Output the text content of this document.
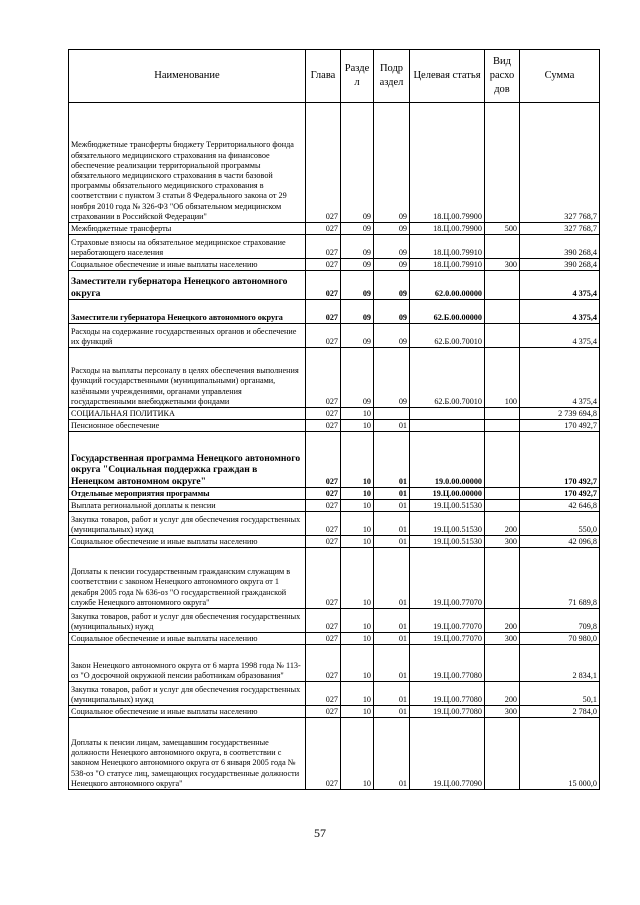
Наименование	Глава	Разде л	Подр аздел	Целевая статья	Вид расхо дов	Сумма
Межбюджетные трансферты бюджету Территориального фонда обязательного медицинского страхования на финансовое обеспечение реализации территориальной программы обязательного медицинского страхования в части базовой программы обязательного медицинского страхования в соответствии с пунктом 3 статьи 8 Федерального закона от 29 ноября 2010 года № 326-ФЗ "Об обязательном медицинском страховании в Российской Федерации"	027	09	09	18.Ц.00.79900		327 768,7
Межбюджетные трансферты	027	09	09	18.Ц.00.79900	500	327 768,7
Страховые взносы на обязательное медицинское страхование неработающего населения	027	09	09	18.Ц.00.79910		390 268,4
Социальное обеспечение и иные выплаты населению	027	09	09	18.Ц.00.79910	300	390 268,4
Заместители губернатора Ненецкого автономного округа	027	09	09	62.0.00.00000		4 375,4
Заместители губернатора Ненецкого автономного округа	027	09	09	62.Б.00.00000		4 375,4
Расходы на содержание государственных органов и обеспечение их функций	027	09	09	62.Б.00.70010		4 375,4
Расходы на выплаты персоналу в целях обеспечения выполнения функций государственными (муниципальными) органами, казёнными учреждениями, органами управления государственными внебюджетными фондами	027	09	09	62.Б.00.70010	100	4 375,4
СОЦИАЛЬНАЯ ПОЛИТИКА	027	10				2 739 694,8
Пенсионное обеспечение	027	10	01			170 492,7
Государственная программа Ненецкого автономного округа "Социальная поддержка граждан в Ненецком автономном округе"	027	10	01	19.0.00.00000		170 492,7
Отдельные мероприятия программы	027	10	01	19.Ц.00.00000		170 492,7
Выплата региональной доплаты к пенсии	027	10	01	19.Ц.00.51530		42 646,8
Закупка товаров, работ и услуг для обеспечения государственных (муниципальных) нужд	027	10	01	19.Ц.00.51530	200	550,0
Социальное обеспечение и иные выплаты населению	027	10	01	19.Ц.00.51530	300	42 096,8
Доплаты к пенсии государственным гражданским служащим в соответствии с законом Ненецкого автономного округа от 1 декабря 2005 года № 636-оз "О государственной гражданской службе Ненецкого автономного округа"	027	10	01	19.Ц.00.77070		71 689,8
Закупка товаров, работ и услуг для обеспечения государственных (муниципальных) нужд	027	10	01	19.Ц.00.77070	200	709,8
Социальное обеспечение и иные выплаты населению	027	10	01	19.Ц.00.77070	300	70 980,0
Закон Ненецкого автономного округа от 6 марта 1998 года № 113-оз "О досрочной окружной пенсии работникам образования"	027	10	01	19.Ц.00.77080		2 834,1
Закупка товаров, работ и услуг для обеспечения государственных (муниципальных) нужд	027	10	01	19.Ц.00.77080	200	50,1
Социальное обеспечение и иные выплаты населению	027	10	01	19.Ц.00.77080	300	2 784,0
Доплаты к пенсии лицам, замещавшим государственные должности Ненецкого автономного округа, в соответствии с законом Ненецкого автономного округа от 6 января 2005 года № 538-оз "О статусе лиц, замещающих государственные должности Ненецкого автономного округа"	027	10	01	19.Ц.00.77090		15 000,0
57
